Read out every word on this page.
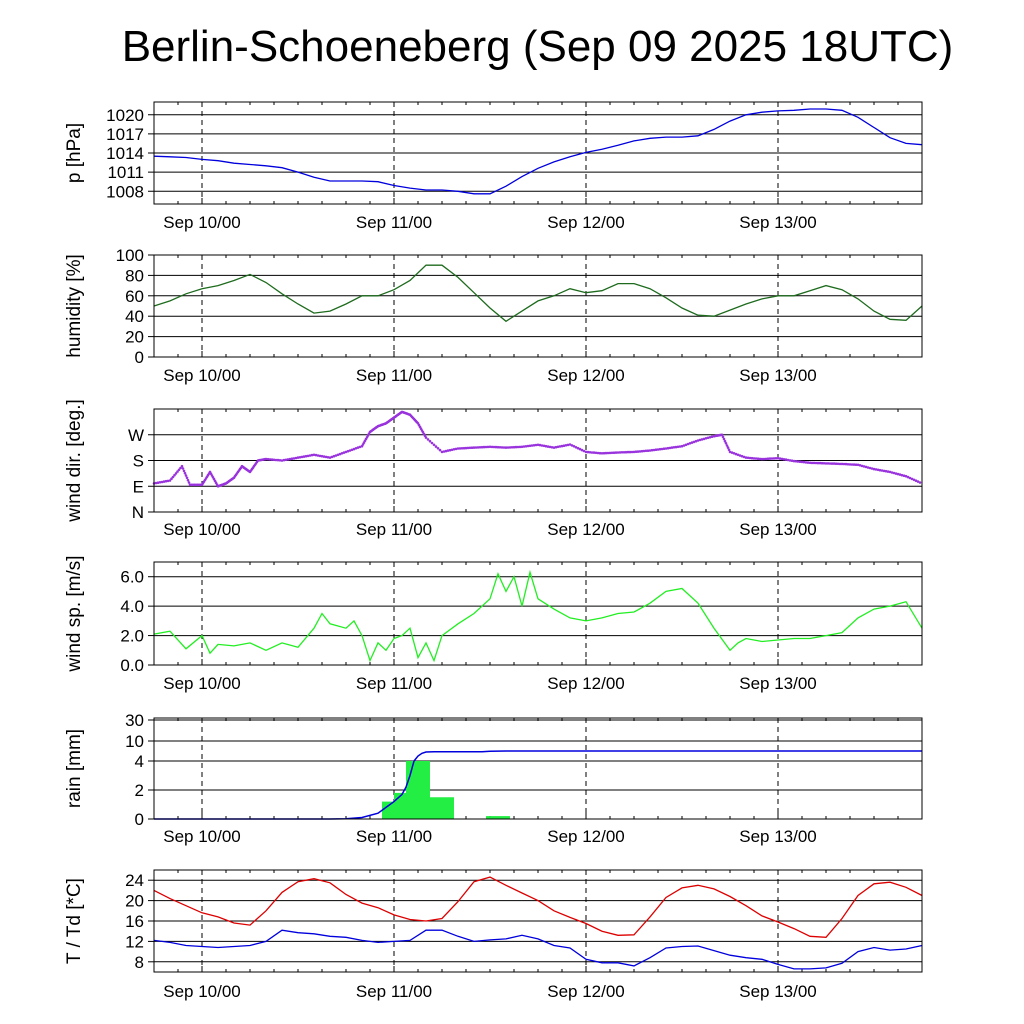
Berlin-Schoeneberg (Sep 09 2025 18UTC)
1008
1011
1014
1017
1020
Sep 10/00	Sep 11/00	Sep 12/00	Sep 13/00
p [hPa]
0
20
40
60
80
100
Sep 10/00	Sep 11/00	Sep 12/00	Sep 13/00
humidity [%]
N
E
S
W
Sep 10/00	Sep 11/00	Sep 12/00	Sep 13/00
wind dir. [deg.]
0.0
2.0
4.0
6.0
Sep 10/00	Sep 11/00	Sep 12/00	Sep 13/00
wind sp. [m/s]
0
2
4
10
30
Sep 10/00	Sep 11/00	Sep 12/00	Sep 13/00
rain [mm]
8
12
16
20
24
Sep 10/00	Sep 11/00	Sep 12/00	Sep 13/00
T / Td [*C]
